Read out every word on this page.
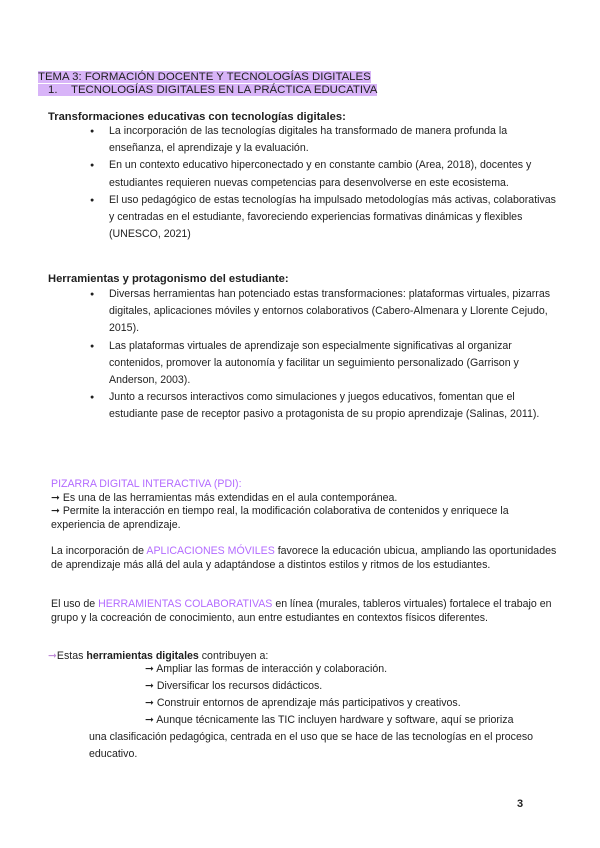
TEMA 3: FORMACIÓN DOCENTE Y TECNOLOGÍAS DIGITALES
1. TECNOLOGÍAS DIGITALES EN LA PRÁCTICA EDUCATIVA
Transformaciones educativas con tecnologías digitales:
● La incorporación de las tecnologías digitales ha transformado de manera profunda la enseñanza, el aprendizaje y la evaluación.
● En un contexto educativo hiperconectado y en constante cambio (Area, 2018), docentes y estudiantes requieren nuevas competencias para desenvolverse en este ecosistema.
● El uso pedagógico de estas tecnologías ha impulsado metodologías más activas, colaborativas y centradas en el estudiante, favoreciendo experiencias formativas dinámicas y flexibles (UNESCO, 2021)
Herramientas y protagonismo del estudiante:
● Diversas herramientas han potenciado estas transformaciones: plataformas virtuales, pizarras digitales, aplicaciones móviles y entornos colaborativos (Cabero-Almenara y Llorente Cejudo, 2015).
● Las plataformas virtuales de aprendizaje son especialmente significativas al organizar contenidos, promover la autonomía y facilitar un seguimiento personalizado (Garrison y Anderson, 2003).
● Junto a recursos interactivos como simulaciones y juegos educativos, fomentan que el estudiante pase de receptor pasivo a protagonista de su propio aprendizaje (Salinas, 2011).
PIZARRA DIGITAL INTERACTIVA (PDI):
➞ Es una de las herramientas más extendidas en el aula contemporánea.
➞ Permite la interacción en tiempo real, la modificación colaborativa de contenidos y enriquece la experiencia de aprendizaje.
La incorporación de APLICACIONES MÓVILES favorece la educación ubicua, ampliando las oportunidades de aprendizaje más allá del aula y adaptándose a distintos estilos y ritmos de los estudiantes.
El uso de HERRAMIENTAS COLABORATIVAS en línea (murales, tableros virtuales) fortalece el trabajo en grupo y la cocreación de conocimiento, aun entre estudiantes en contextos físicos diferentes.
➞Estas herramientas digitales contribuyen a:
➞ Ampliar las formas de interacción y colaboración.
➞ Diversificar los recursos didácticos.
➞ Construir entornos de aprendizaje más participativos y creativos.
➞ Aunque técnicamente las TIC incluyen hardware y software, aquí se prioriza
una clasificación pedagógica, centrada en el uso que se hace de las tecnologías en el proceso educativo.
3
